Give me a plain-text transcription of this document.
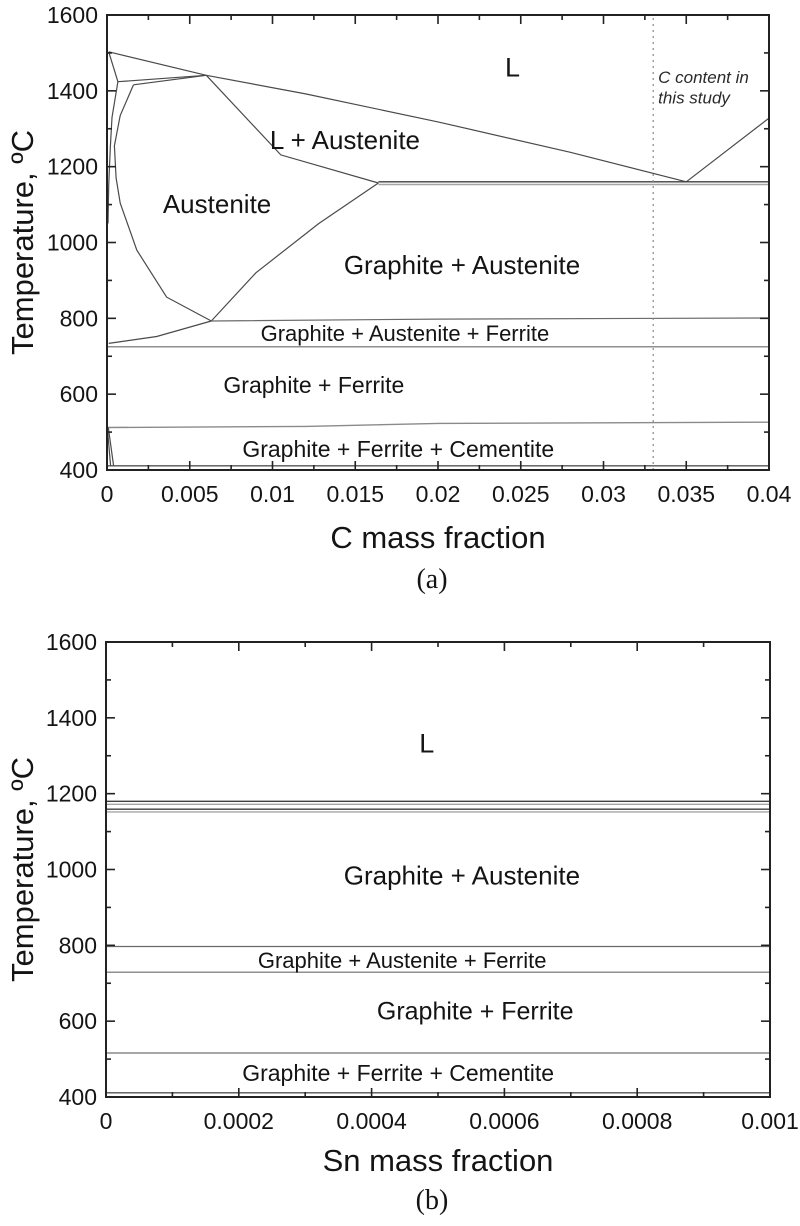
0 0.005 0.01 0.015 0.02 0.025 0.03 0.035 0.04
1600
1400
1200
1000
800
600
400
C mass fraction
Temperature, ºC
L
L + Austenite
Austenite
Graphite + Austenite
Graphite + Austenite + Ferrite
Graphite + Ferrite
Graphite + Ferrite + Cementite
C content in
this study
(a)
0	0.0002	0.0004	0.0006	0.0008	0.001
1600
1400
1200
1000
800
600
400
Sn mass fraction
Temperature, ºC
L
Graphite + Austenite
Graphite + Austenite + Ferrite
Graphite + Ferrite
Graphite + Ferrite + Cementite
(b)
